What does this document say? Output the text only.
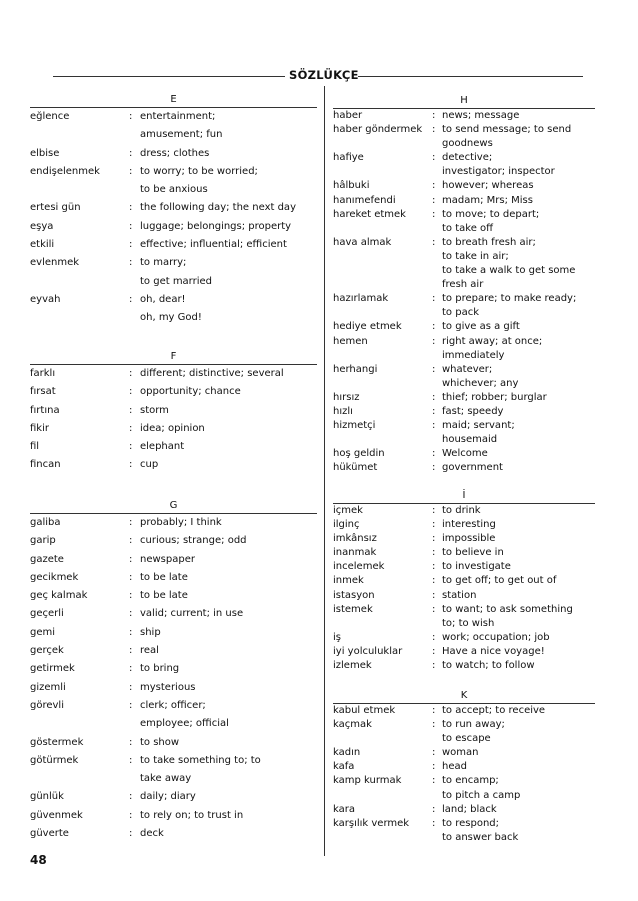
SÖZLÜKÇE
E
eğlence	: entertainment;
amusement; fun
elbise	: dress; clothes
endişelenmek	: to worry; to be worried;
to be anxious
ertesi gün	: the following day; the next day
eşya	: luggage; belongings; property
etkili	: effective; influential; efficient
evlenmek	: to marry;
to get married
eyvah	: oh, dear!
oh, my God!
F
farklı	: different; distinctive; several
fırsat	: opportunity; chance
fırtına	: storm
fikir	: idea; opinion
fil	: elephant
fincan	: cup
G
galiba	: probably; I think
garip	: curious; strange; odd
gazete	: newspaper
gecikmek	: to be late
geç kalmak	: to be late
geçerli	: valid; current; in use
gemi	: ship
gerçek	: real
getirmek	: to bring
gizemli	: mysterious
görevli	: clerk; officer;
employee; official
göstermek	: to show
götürmek	: to take something to; to
take away
günlük	: daily; diary
güvenmek	: to rely on; to trust in
güverte	: deck
H
haber	: news; message
haber göndermek : to send message; to send
goodnews
hafiye	: detective;
investigator; inspector
hâlbuki	: however; whereas
hanımefendi	: madam; Mrs; Miss
hareket etmek	: to move; to depart;
to take off
hava almak	: to breath fresh air;
to take in air;
to take a walk to get some
fresh air
hazırlamak	: to prepare; to make ready;
to pack
hediye etmek	: to give as a gift
hemen	: right away; at once;
immediately
herhangi	: whatever;
whichever; any
hırsız	: thief; robber; burglar
hızlı	: fast; speedy
hizmetçi	: maid; servant;
housemaid
hoş geldin	: Welcome
hükümet	: government
İ
içmek	: to drink
ilginç	: interesting
imkânsız	: impossible
inanmak	: to believe in
incelemek	: to investigate
inmek	: to get off; to get out of
istasyon	: station
istemek	: to want; to ask something
to; to wish
iş	: work; occupation; job
iyi yolculuklar	: Have a nice voyage!
izlemek	: to watch; to follow
K
kabul etmek	: to accept; to receive
kaçmak	: to run away;
to escape
kadın	: woman
kafa	: head
kamp kurmak	: to encamp;
to pitch a camp
kara	: land; black
karşılık vermek : to respond;
to answer back
48
